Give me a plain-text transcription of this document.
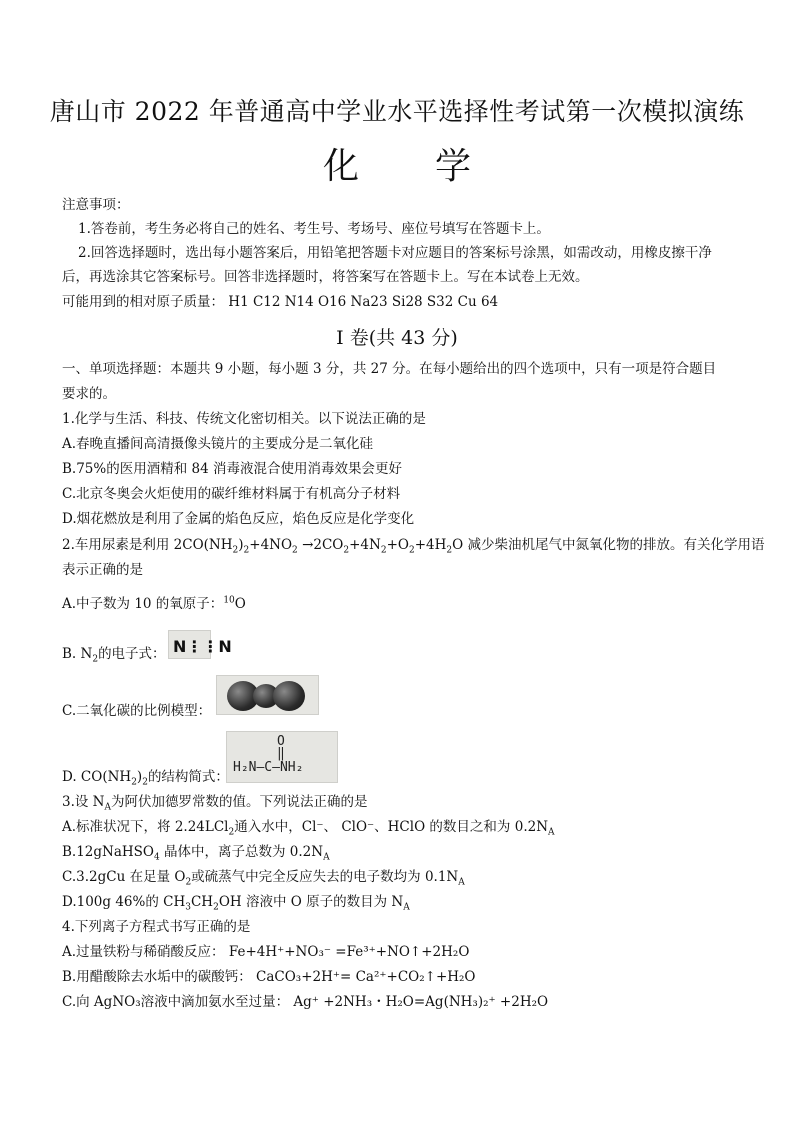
唐山市 2022 年普通高中学业水平选择性考试第一次模拟演练
化 学
注意事项：
1.答卷前，考生务必将自己的姓名、考生号、考场号、座位号填写在答题卡上。
2.回答选择题时，选出每小题答案后，用铅笔把答题卡对应题目的答案标号涂黑，如需改动，用橡皮擦干净
后，再选涂其它答案标号。回答非选择题时，将答案写在答题卡上。写在本试卷上无效。
可能用到的相对原子质量： H1 C12 N14 O16 Na23 Si28 S32 Cu 64
I 卷(共 43 分)
一、单项选择题：本题共 9 小题，每小题 3 分，共 27 分。在每小题给出的四个选项中，只有一项是符合题目
要求的。
1.化学与生活、科技、传统文化密切相关。以下说法正确的是
A.春晚直播间高清摄像头镜片的主要成分是二氧化硅
B.75%的医用酒精和 84 消毒液混合使用消毒效果会更好
C.北京冬奥会火炬使用的碳纤维材料属于有机高分子材料
D.烟花燃放是利用了金属的焰色反应，焰色反应是化学变化
2.车用尿素是利用 $2CO(NH_2)_2+4NO_2 \to 2CO_2+4N_2+O_2+4H_2O$ 减少柴油机尾气中氮氧化物的排放。有关化学用语
表示正确的是
A.中子数为 10 的氧原子：$^{10}$O
N⋮⋮N
B. $N_2$的电子式：
C.二氧化碳的比例模型：
O
‖
H₂N—C—NH₂
D. $CO(NH_2)_2$的结构简式：
3.设 $N_A$为阿伏加德罗常数的值。下列说法正确的是
A.标准状况下，将 2.24LCl$_2$通入水中，Cl⁻、 ClO⁻、HClO 的数目之和为 $0.2N_A$
B.12gNaHSO$_4$ 晶体中，离子总数为 $0.2N_A$
C.3.2gCu 在足量 $O_2$或硫蒸气中完全反应失去的电子数均为 $0.1N_A$
D.100g 46%的 $CH_3CH_2OH$ 溶液中 O 原子的数目为 $N_A$
4.下列离子方程式书写正确的是
A.过量铁粉与稀硝酸反应： Fe+4H⁺+NO₃⁻ =Fe³⁺+NO↑+2H₂O
B.用醋酸除去水垢中的碳酸钙： CaCO₃+2H⁺= Ca²⁺+CO₂↑+H₂O
C.向 AgNO₃溶液中滴加氨水至过量： Ag⁺ +2NH₃・H₂O=Ag(NH₃)₂⁺ +2H₂O
